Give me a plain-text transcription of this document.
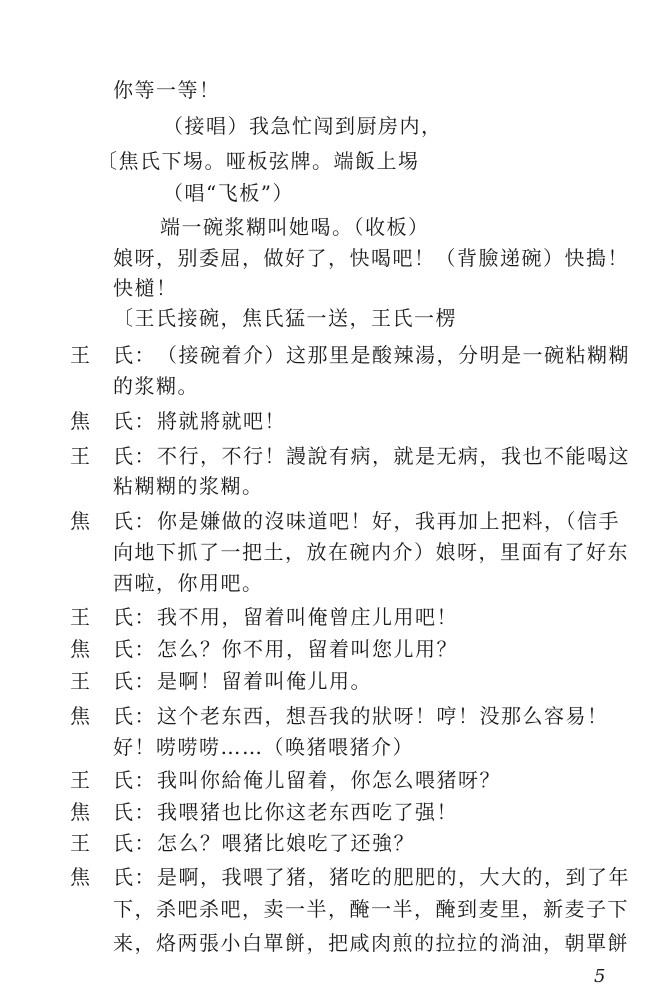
你等一等！
（接唱）我急忙闯到厨房内，
〔焦氏下埸。哑板弦牌。端飯上埸
（唱“飞板”）
端一碗浆糊叫她喝。（收板）
娘呀，别委屈，做好了，快喝吧！（背臉递碗）快搗！
快檤！
〔王氏接碗，焦氏猛一送，王氏一楞
王 氏： （接碗着介）这那里是酸辣湯，分明是一碗粘糊糊
的浆糊。
焦 氏： 將就將就吧！
王 氏： 不行，不行！謾說有病，就是无病，我也不能喝这
粘糊糊的浆糊。
焦 氏： 你是嫌做的沒味道吧！好，我再加上把料，（信手
向地下抓了一把土，放在碗内介）娘呀，里面有了好东
西啦，你用吧。
王 氏： 我不用，留着叫俺曾庄儿用吧！
焦 氏： 怎么？你不用，留着叫您儿用？
王 氏： 是啊！留着叫俺儿用。
焦 氏： 这个老东西，想吾我的狀呀！哼！没那么容易！
好！唠唠唠……（唤猪喂猪介）
王 氏： 我叫你給俺儿留着，你怎么喂猪呀？
焦 氏： 我喂猪也比你这老东西吃了强！
王 氏： 怎么？喂猪比娘吃了还強？
焦 氏： 是啊，我喂了猪，猪吃的肥肥的，大大的，到了年
下，杀吧杀吧，卖一半，醃一半，醃到麦里，新麦子下
来，烙两張小白單餅，把咸肉煎的拉拉的淌油，朝單餅
5
